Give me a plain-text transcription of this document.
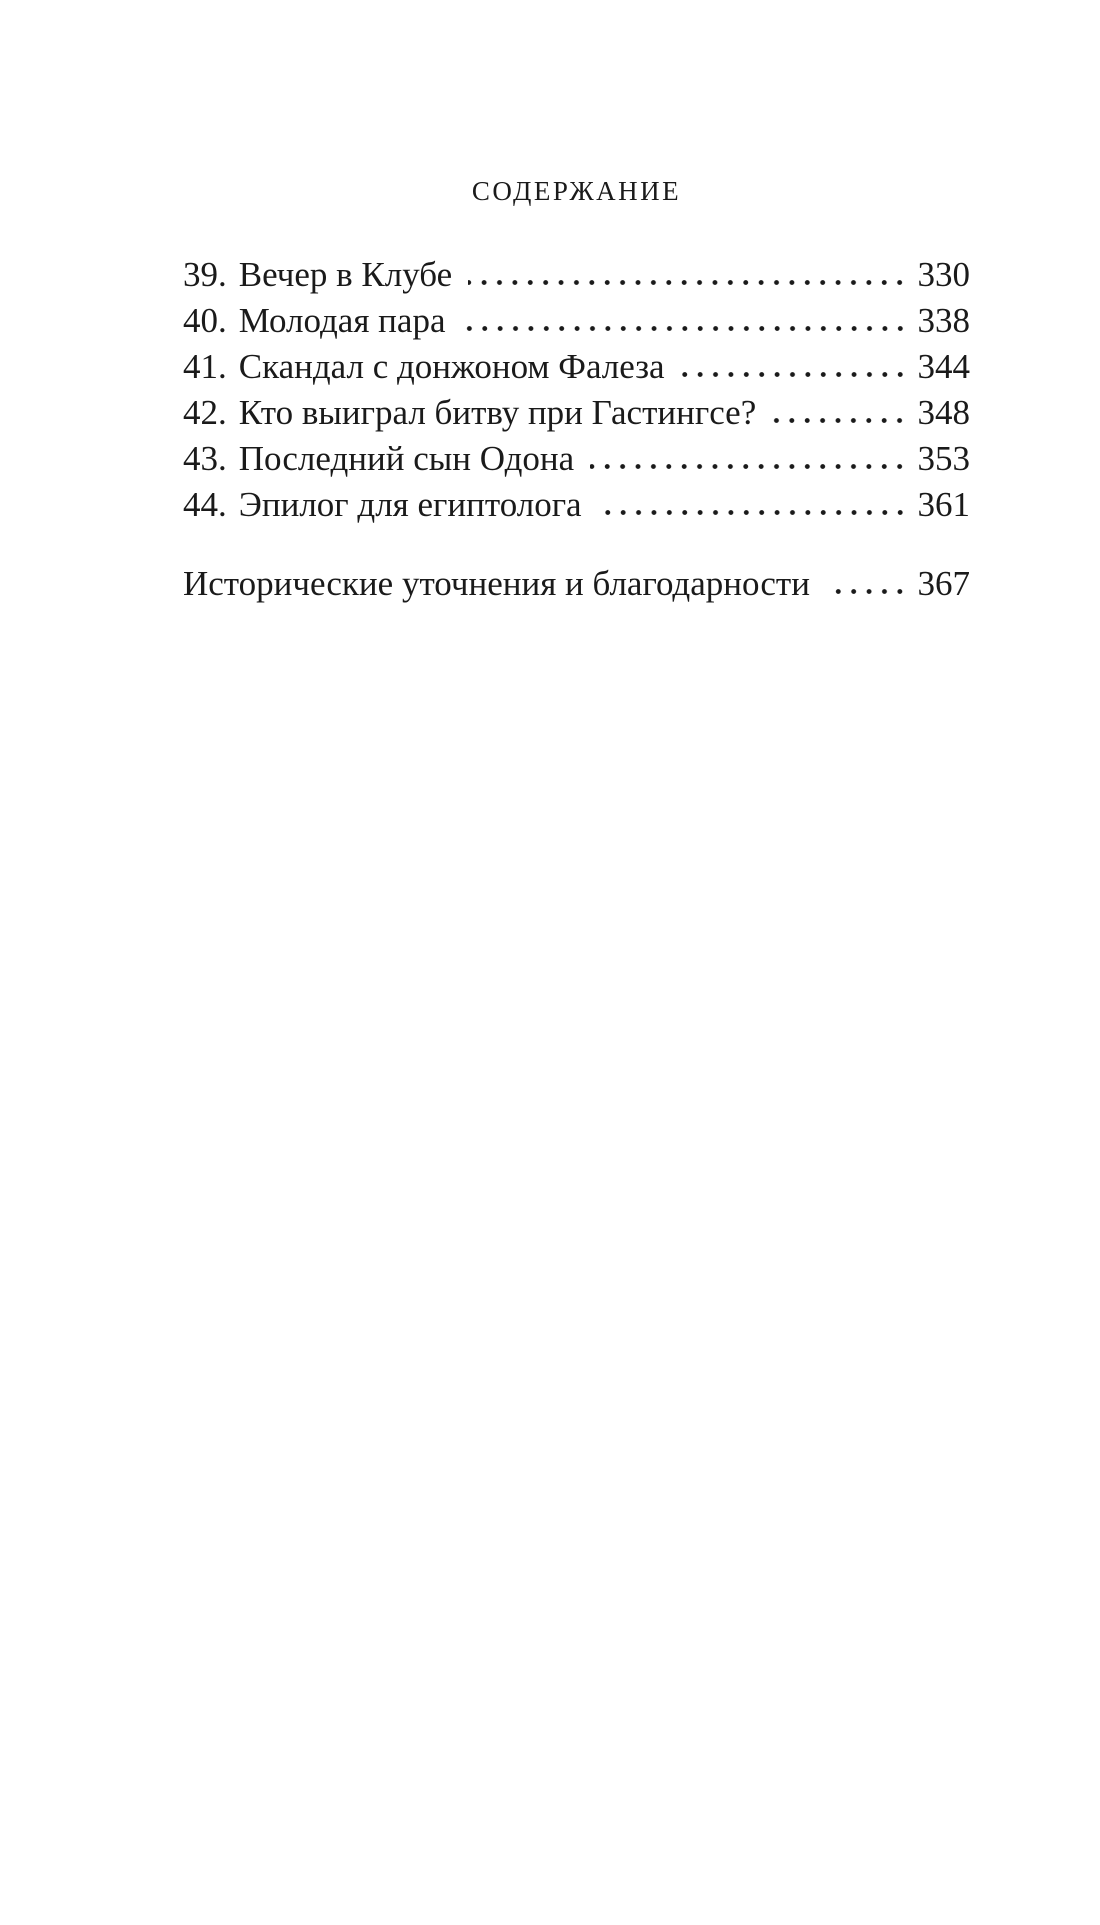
СОДЕРЖАНИЕ
39. Вечер в Клубе	330
40. Молодая пара	338
41. Скандал с донжоном Фалеза	344
42. Кто выиграл битву при Гастингсе?	348
43. Последний сын Одона	353
44. Эпилог для египтолога	361
Исторические уточнения и благодарности	367
